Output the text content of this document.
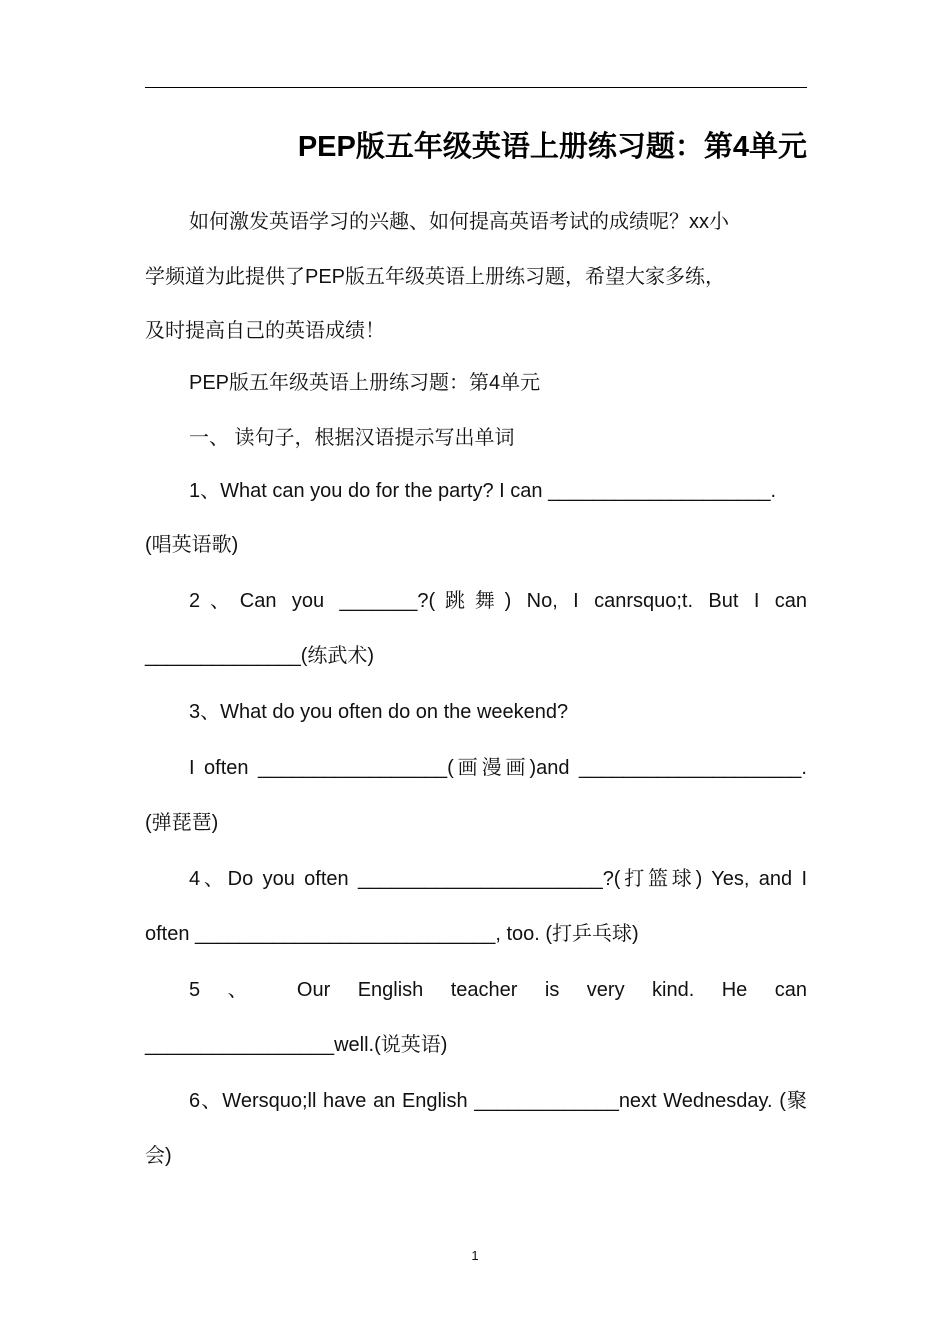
PEP版五年级英语上册练习题：第4单元
如何激发英语学习的兴趣、如何提高英语考试的成绩呢？xx小
学频道为此提供了PEP版五年级英语上册练习题，希望大家多练，
及时提高自己的英语成绩！
PEP版五年级英语上册练习题：第4单元
一、 读句子，根据汉语提示写出单词
1、What can you do for the party? I can ____________________.
(唱英语歌)
2、Can you _______?(跳舞) No, I canrsquo;t. But I can
______________(练武术)
3、What do you often do on the weekend?
I often _________________(画漫画)and ____________________.
(弹琵琶)
4、Do you often ______________________?(打篮球) Yes, and I
often ___________________________, too. (打乒乓球)
5 、 Our English teacher is very kind. He can
_________________well.(说英语)
6、Wersquo;ll have an English _____________next Wednesday. (聚
会)
1
